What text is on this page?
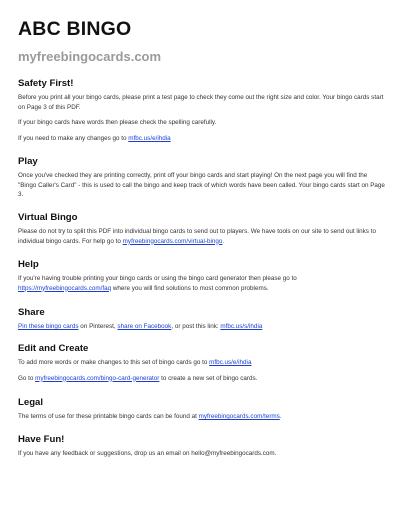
ABC BINGO
myfreebingocards.com
Safety First!

Before you print all your bingo cards, please print a test page to check they come out the right size and color. Your bingo cards start on Page 3 of this PDF.

If your bingo cards have words then please check the spelling carefully.

If you need to make any changes go to mfbc.us/e/ihdia

Play

Once you've checked they are printing correctly, print off your bingo cards and start playing! On the next page you will find the "Bingo Caller's Card" - this is used to call the bingo and keep track of which words have been called. Your bingo cards start on Page 3.

Virtual Bingo

Please do not try to split this PDF into individual bingo cards to send out to players. We have tools on our site to send out links to individual bingo cards. For help go to myfreebingocards.com/virtual-bingo.

Help

If you're having trouble printing your bingo cards or using the bingo card generator then please go to https://myfreebingocards.com/faq where you will find solutions to most common problems.

Share

Pin these bingo cards on Pinterest, share on Facebook, or post this link: mfbc.us/s/ihdia

Edit and Create

To add more words or make changes to this set of bingo cards go to mfbc.us/e/ihdia

Go to myfreebingocards.com/bingo-card-generator to create a new set of bingo cards.

Legal

The terms of use for these printable bingo cards can be found at myfreebingocards.com/terms.

Have Fun!

If you have any feedback or suggestions, drop us an email on hello@myfreebingocards.com.
